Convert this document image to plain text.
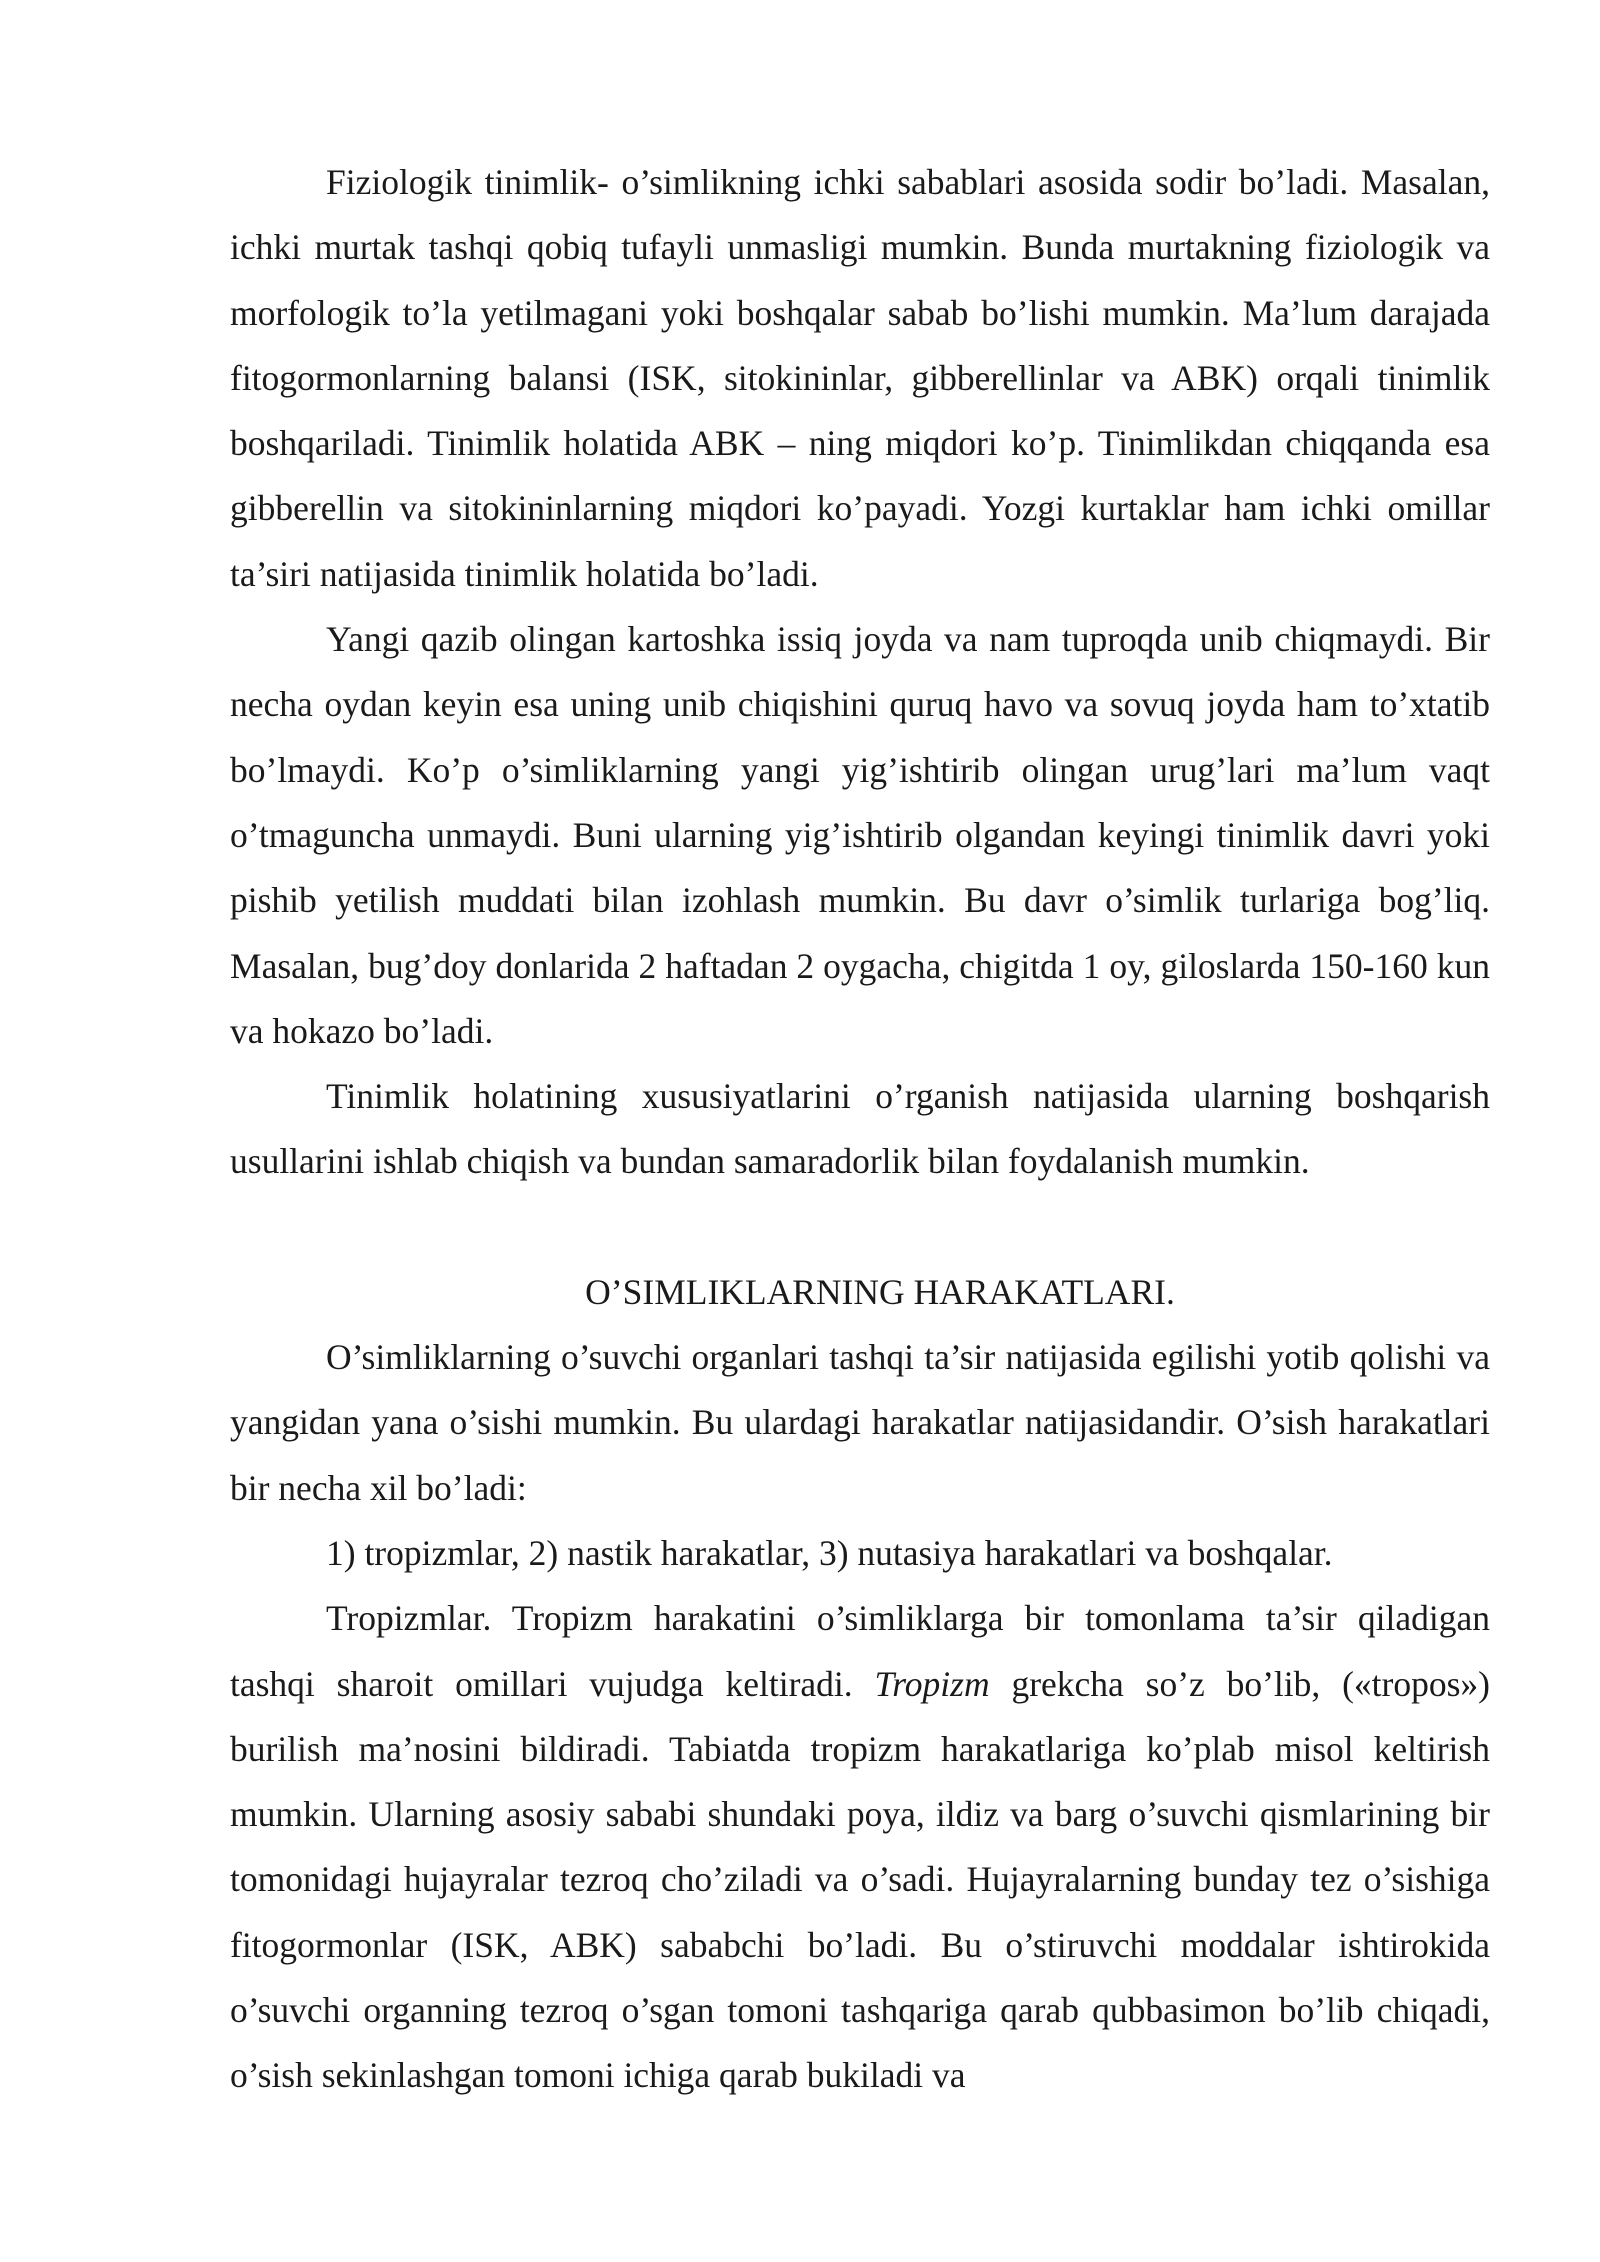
Fiziologik tinimlik- o’simlikning ichki sabablari asosida sodir bo’ladi. Masalan, ichki murtak tashqi qobiq tufayli unmasligi mumkin. Bunda murtakning fiziologik va morfologik to’la yetilmagani yoki boshqalar sabab bo’lishi mumkin. Ma’lum darajada fitogormonlarning balansi (ISK, sitokininlar, gibberellinlar va ABK) orqali tinimlik boshqariladi. Tinimlik holatida ABK – ning miqdori ko’p. Tinimlikdan chiqqanda esa gibberellin va sitokininlarning miqdori ko’payadi. Yozgi kurtaklar ham ichki omillar ta’siri natijasida tinimlik holatida bo’ladi.

Yangi qazib olingan kartoshka issiq joyda va nam tuproqda unib chiqmaydi. Bir necha oydan keyin esa uning unib chiqishini quruq havo va sovuq joyda ham to’xtatib bo’lmaydi. Ko’p o’simliklarning yangi yig’ishtirib olingan urug’lari ma’lum vaqt o’tmaguncha unmaydi. Buni ularning yig’ishtirib olgandan keyingi tinimlik davri yoki pishib yetilish muddati bilan izohlash mumkin. Bu davr o’simlik turlariga bog’liq. Masalan, bug’doy donlarida 2 haftadan 2 oygacha, chigitda 1 oy, giloslarda 150-160 kun va hokazo bo’ladi.

Tinimlik holatining xususiyatlarini o’rganish natijasida ularning boshqarish usullarini ishlab chiqish va bundan samaradorlik bilan foydalanish mumkin.

O’SIMLIKLARNING HARAKATLARI.

O’simliklarning o’suvchi organlari tashqi ta’sir natijasida egilishi yotib qolishi va yangidan yana o’sishi mumkin. Bu ulardagi harakatlar natijasidandir. O’sish harakatlari bir necha xil bo’ladi:

1) tropizmlar, 2) nastik harakatlar, 3) nutasiya harakatlari va boshqalar.

Tropizmlar. Tropizm harakatini o’simliklarga bir tomonlama ta’sir qiladigan tashqi sharoit omillari vujudga keltiradi. Tropizm grekcha so’z bo’lib, («tropos») burilish ma’nosini bildiradi. Tabiatda tropizm harakatlariga ko’plab misol keltirish mumkin. Ularning asosiy sababi shundaki poya, ildiz va barg o’suvchi qismlarining bir tomonidagi hujayralar tezroq cho’ziladi va o’sadi. Hujayralarning bunday tez o’sishiga fitogormonlar (ISK, ABK) sababchi bo’ladi. Bu o’stiruvchi moddalar ishtirokida o’suvchi organning tezroq o’sgan tomoni tashqariga qarab qubbasimon bo’lib chiqadi, o’sish sekinlashgan tomoni ichiga qarab bukiladi va
